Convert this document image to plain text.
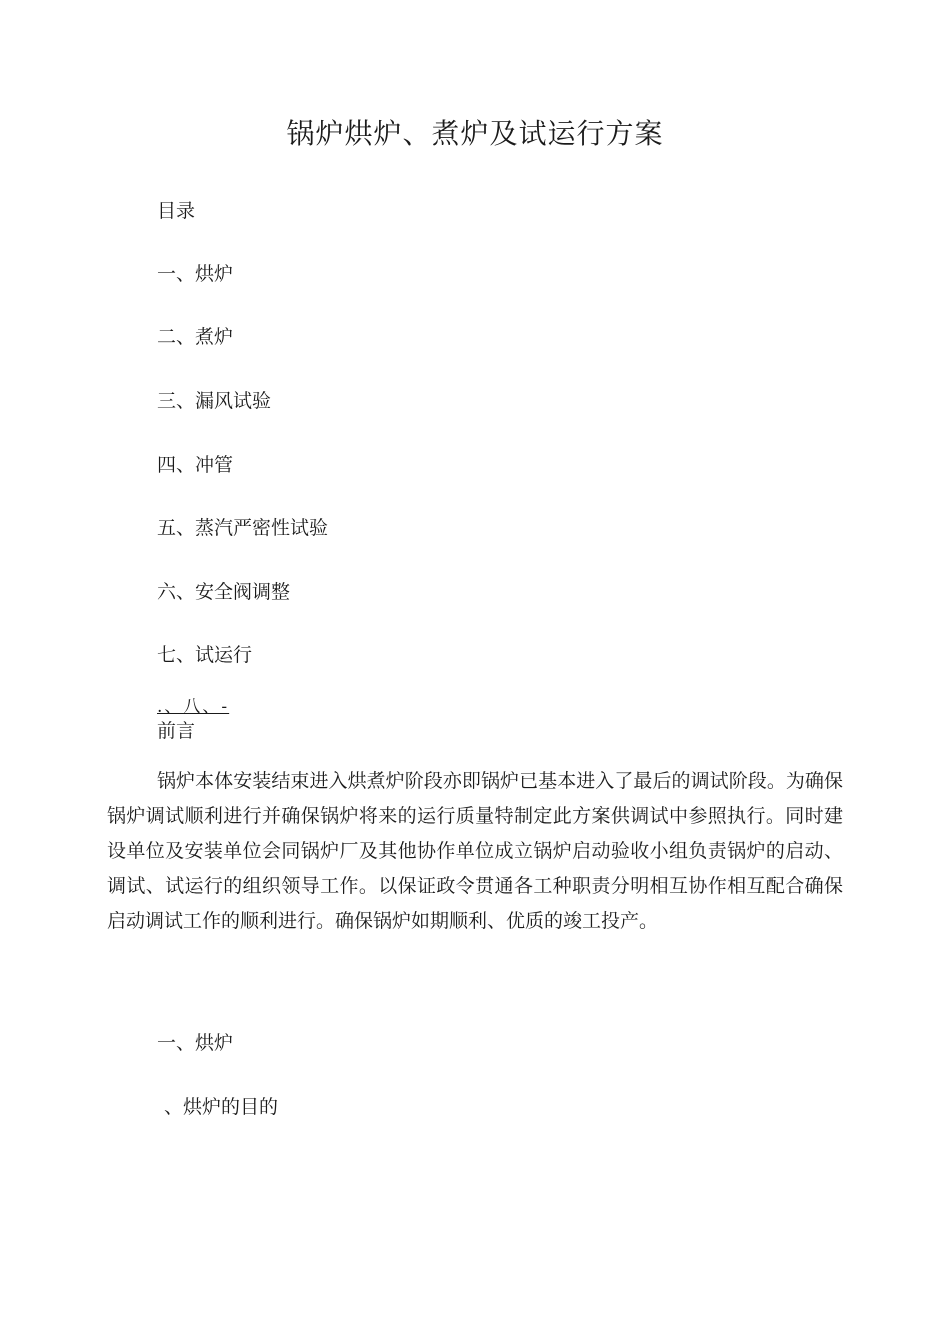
锅炉烘炉、煮炉及试运行方案

目录

一、烘炉

二、煮炉

三、漏风试验

四、冲管

五、蒸汽严密性试验

六、安全阀调整

七、试运行

.、八、-

前言

锅炉本体安装结束进入烘煮炉阶段亦即锅炉已基本进入了最后的调试阶段。为确保锅炉调试顺利进行并确保锅炉将来的运行质量特制定此方案供调试中参照执行。同时建设单位及安装单位会同锅炉厂及其他协作单位成立锅炉启动验收小组负责锅炉的启动、调试、试运行的组织领导工作。以保证政令贯通各工种职责分明相互协作相互配合确保启动调试工作的顺利进行。确保锅炉如期顺利、优质的竣工投产。

一、烘炉

、烘炉的目的
